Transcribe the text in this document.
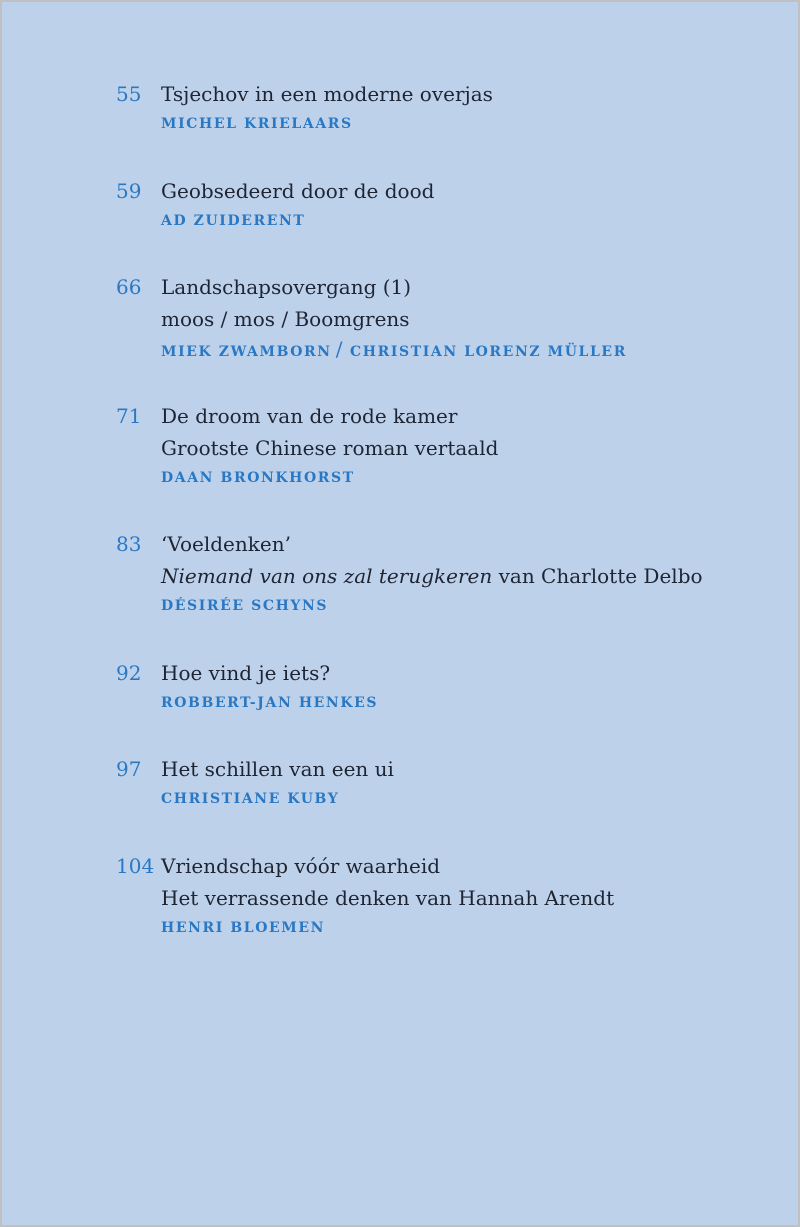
55 Tsjechov in een moderne overjas
MICHEL KRIELAARS
59 Geobsedeerd door de dood
AD ZUIDERENT
66 Landschapsovergang (1)
moos / mos / Boomgrens
MIEK ZWAMBORN / CHRISTIAN LORENZ MÜLLER
71 De droom van de rode kamer
Grootste Chinese roman vertaald
DAAN BRONKHORST
83 ‘Voeldenken’
Niemand van ons zal terugkeren van Charlotte Delbo
DÉSIRÉE SCHYNS
92 Hoe vind je iets?
ROBBERT-JAN HENKES
97 Het schillen van een ui
CHRISTIANE KUBY
104 Vriendschap vóór waarheid
Het verrassende denken van Hannah Arendt
HENRI BLOEMEN
